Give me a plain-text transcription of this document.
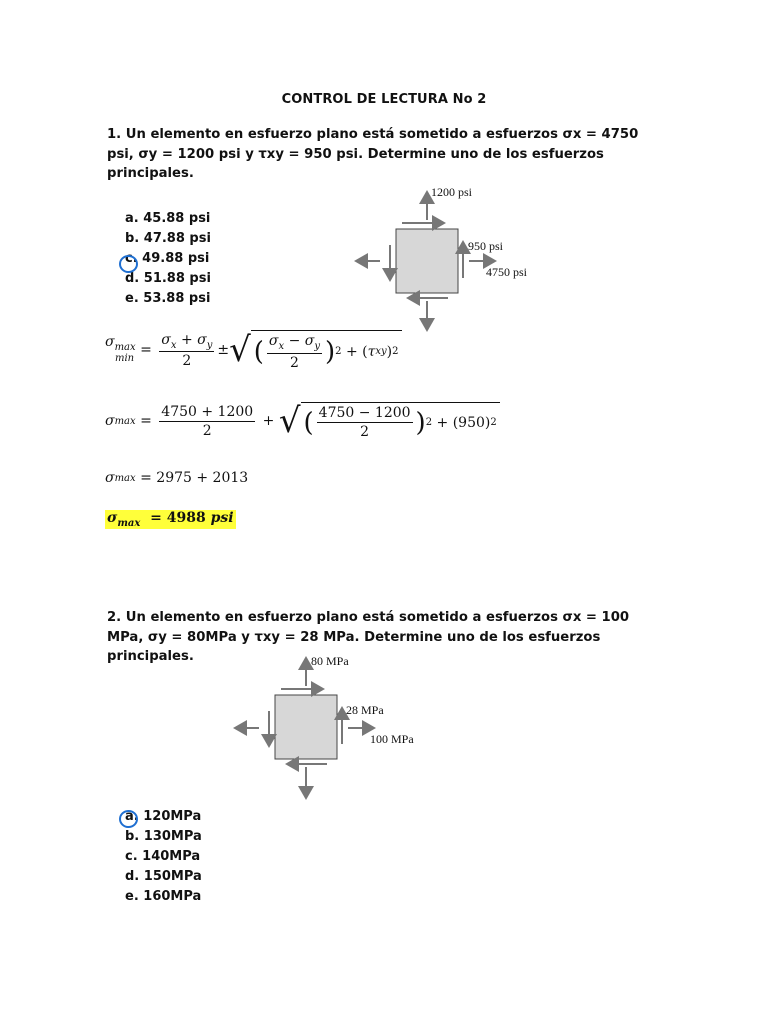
CONTROL DE LECTURA No 2
1. Un elemento en esfuerzo plano está sometido a esfuerzos σx = 4750 psi, σy = 1200 psi y τxy = 950 psi. Determine uno de los esfuerzos principales.
a. 45.88 psi
b. 47.88 psi
c. 49.88 psi
d. 51.88 psi
e. 53.88 psi
1200 psi
950 psi
4750 psi
$\sigma_{max}$
min
= $\frac{\sigma_x + \sigma_y}{2}$ ± √ ( $\frac{\sigma_x - \sigma_y}{2}$ ) 2 + ( τ xy ) 2
σ $\max = \frac{4750 + 1200}{2}$ + √ ( $\frac{4750 - 1200}{2}$ ) 2
+ (950) 2
σ max
= 2975 + 2013
$\sigma_{max} = 4988$ psi
2. Un elemento en esfuerzo plano está sometido a esfuerzos σx = 100 MPa, σy = 80MPa y τxy = 28 MPa. Determine uno de los esfuerzos principales.	80 MPa
28 MPa
100 MPa
a. 120MPa
b. 130MPa
c. 140MPa
d. 150MPa
e. 160MPa
